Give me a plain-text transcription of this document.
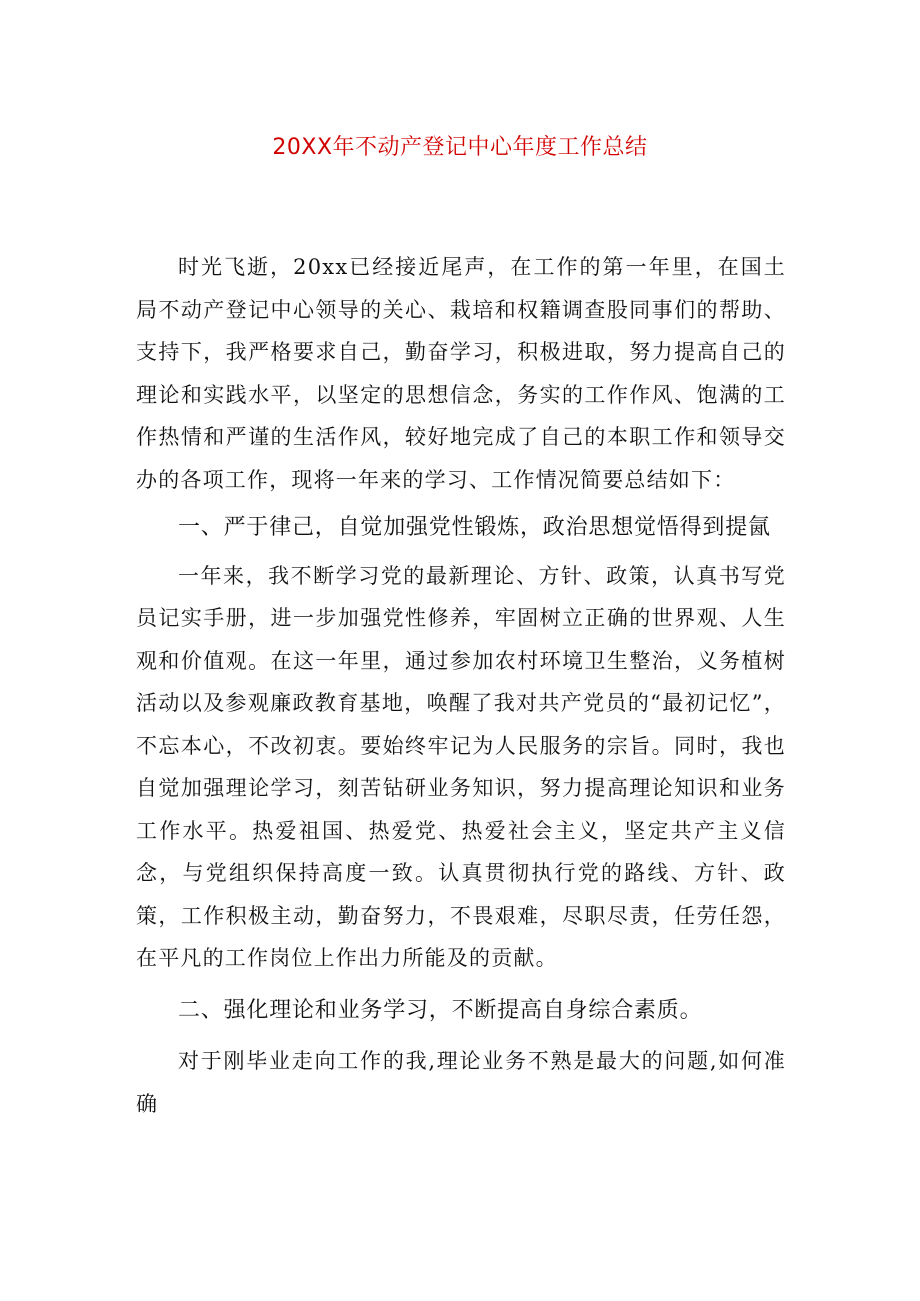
20XX年不动产登记中心年度工作总结

时光飞逝，20xx已经接近尾声，在工作的第一年里，在国土局不动产登记中心领导的关心、栽培和权籍调查股同事们的帮助、支持下，我严格要求自己，勤奋学习，积极进取，努力提高自己的理论和实践水平，以坚定的思想信念，务实的工作作风、饱满的工作热情和严谨的生活作风，较好地完成了自己的本职工作和领导交办的各项工作，现将一年来的学习、工作情况简要总结如下：

一、严于律己，自觉加强党性锻炼，政治思想觉悟得到提氤

一年来，我不断学习党的最新理论、方针、政策，认真书写党员记实手册，进一步加强党性修养，牢固树立正确的世界观、人生观和价值观。在这一年里，通过参加农村环境卫生整治，义务植树活动以及参观廉政教育基地，唤醒了我对共产党员的“最初记忆”，不忘本心，不改初衷。要始终牢记为人民服务的宗旨。同时，我也自觉加强理论学习，刻苦钻研业务知识，努力提高理论知识和业务工作水平。热爱祖国、热爱党、热爱社会主义，坚定共产主义信念，与党组织保持高度一致。认真贯彻执行党的路线、方针、政策，工作积极主动，勤奋努力，不畏艰难，尽职尽责，任劳任怨，在平凡的工作岗位上作出力所能及的贡献。

二、强化理论和业务学习，不断提高自身综合素质。

对于刚毕业走向工作的我,理论业务不熟是最大的问题,如何准确
